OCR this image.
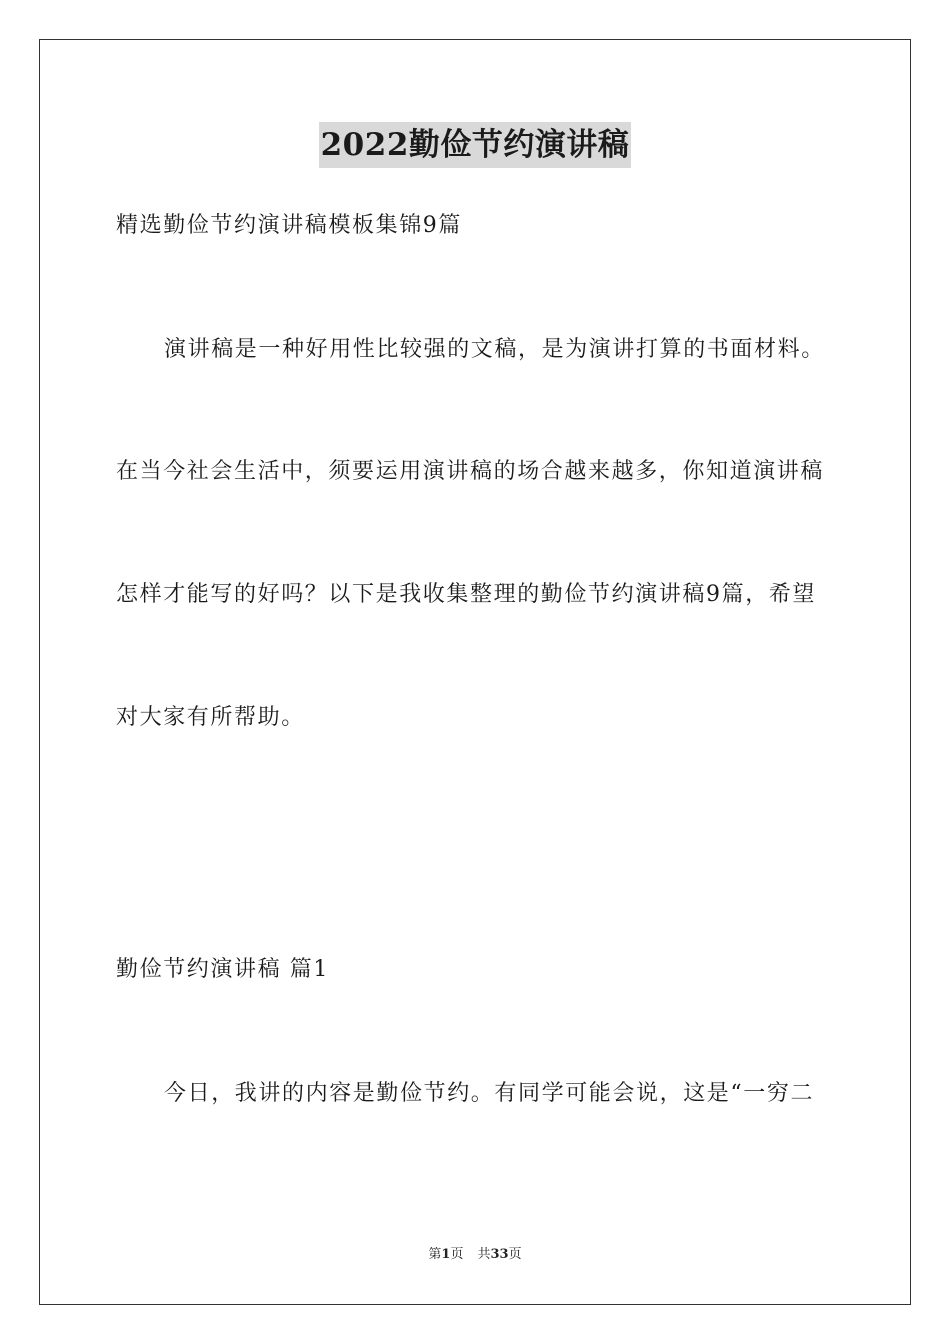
2022勤俭节约演讲稿
精选勤俭节约演讲稿模板集锦9篇
演讲稿是一种好用性比较强的文稿，是为演讲打算的书面材料。
在当今社会生活中，须要运用演讲稿的场合越来越多，你知道演讲稿
怎样才能写的好吗？以下是我收集整理的勤俭节约演讲稿9篇，希望
对大家有所帮助。
勤俭节约演讲稿 篇1
今日，我讲的内容是勤俭节约。有同学可能会说，这是“一穷二
第1页 共33页
